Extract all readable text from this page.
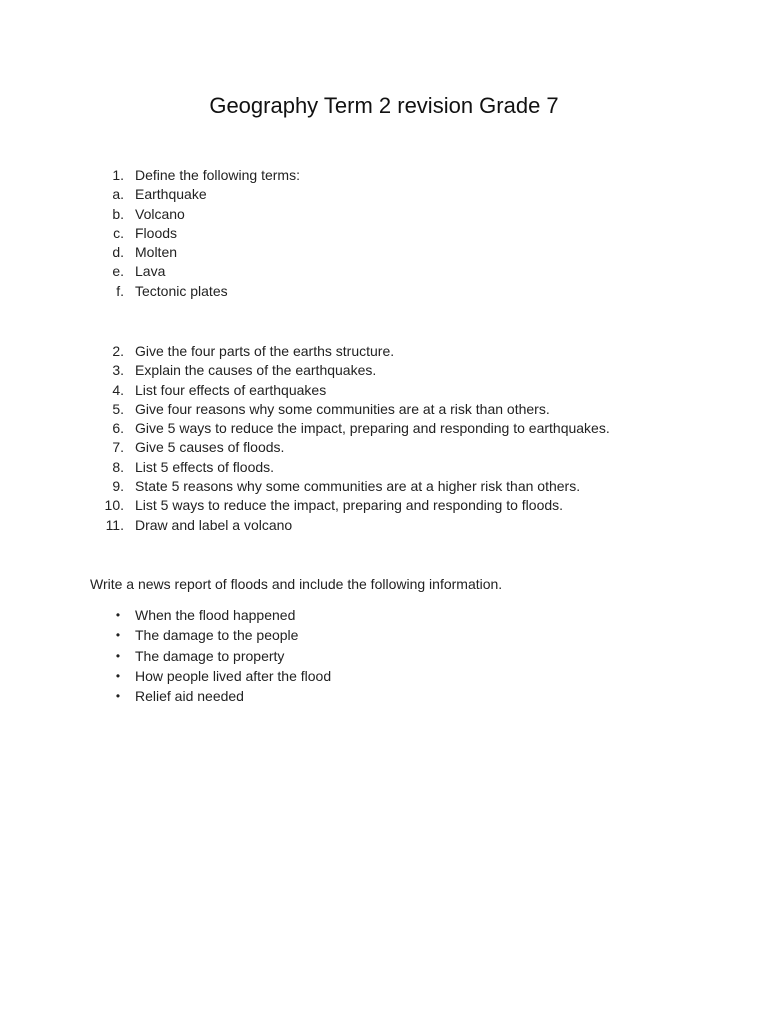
Geography Term 2 revision Grade 7
1. Define the following terms:
a. Earthquake
b. Volcano
c. Floods
d. Molten
e. Lava
f. Tectonic plates
2. Give the four parts of the earths structure.
3. Explain the causes of the earthquakes.
4. List four effects of earthquakes
5. Give four reasons why some communities are at a risk than others.
6. Give 5 ways to reduce the impact, preparing and responding to earthquakes.
7. Give 5 causes of floods.
8. List 5 effects of floods.
9. State 5 reasons why some communities are at a higher risk than others.
10. List 5 ways to reduce the impact, preparing and responding to floods.
11. Draw and label a volcano
Write a news report of floods and include the following information.
• When the flood happened
• The damage to the people
• The damage to property
• How people lived after the flood
• Relief aid needed
